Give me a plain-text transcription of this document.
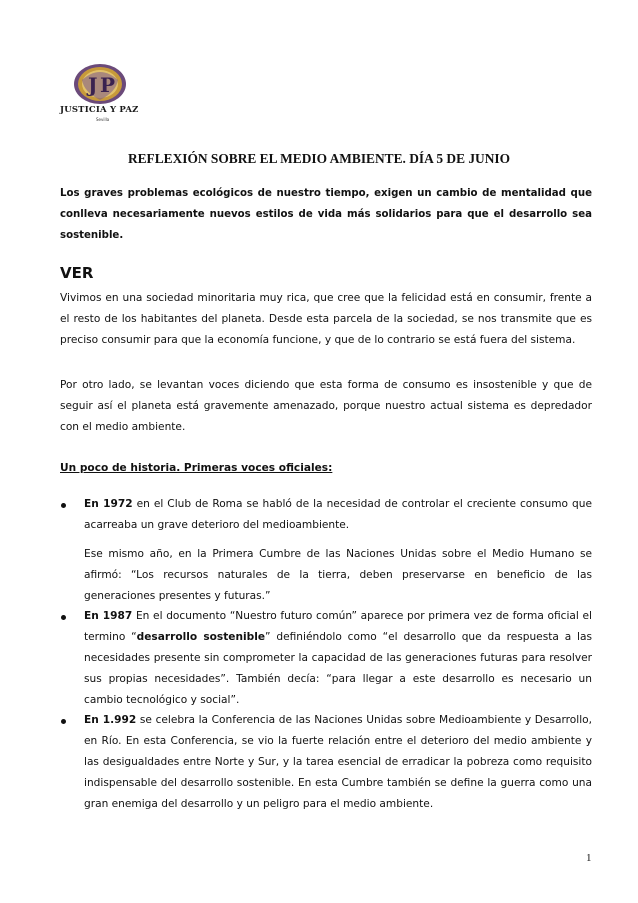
J P
JUSTICIA Y PAZ
Sevilla
REFLEXIÓN SOBRE EL MEDIO AMBIENTE. DÍA 5 DE JUNIO
Los graves problemas ecológicos de nuestro tiempo, exigen un cambio de mentalidad que conlleva necesariamente nuevos estilos de vida más solidarios para que el desarrollo sea sostenible.
VER
Vivimos en una sociedad minoritaria muy rica, que cree que la felicidad está en consumir, frente a el resto de los habitantes del planeta. Desde esta parcela de la sociedad, se nos transmite que es preciso consumir para que la economía funcione, y que de lo contrario se está fuera del sistema.
Por otro lado, se levantan voces diciendo que esta forma de consumo es insostenible y que de seguir así el planeta está gravemente amenazado, porque nuestro actual sistema es depredador con el medio ambiente.
Un poco de historia. Primeras voces oficiales:
En 1972 en el Club de Roma se habló de la necesidad de controlar el creciente consumo que acarreaba un grave deterioro del medioambiente.
Ese mismo año, en la Primera Cumbre de las Naciones Unidas sobre el Medio Humano se afirmó: “Los recursos naturales de la tierra, deben preservarse en beneficio de las generaciones presentes y futuras.”
En 1987 En el documento “Nuestro futuro común” aparece por primera vez de forma oficial el termino “desarrollo sostenible” definiéndolo como “el desarrollo que da respuesta a las necesidades presente sin comprometer la capacidad de las generaciones futuras para resolver sus propias necesidades”. También decía: “para llegar a este desarrollo es necesario un cambio tecnológico y social”.
En 1.992 se celebra la Conferencia de las Naciones Unidas sobre Medioambiente y Desarrollo, en Río. En esta Conferencia, se vio la fuerte relación entre el deterioro del medio ambiente y las desigualdades entre Norte y Sur, y la tarea esencial de erradicar la pobreza como requisito indispensable del desarrollo sostenible. En esta Cumbre también se define la guerra como una gran enemiga del desarrollo y un peligro para el medio ambiente.
1
